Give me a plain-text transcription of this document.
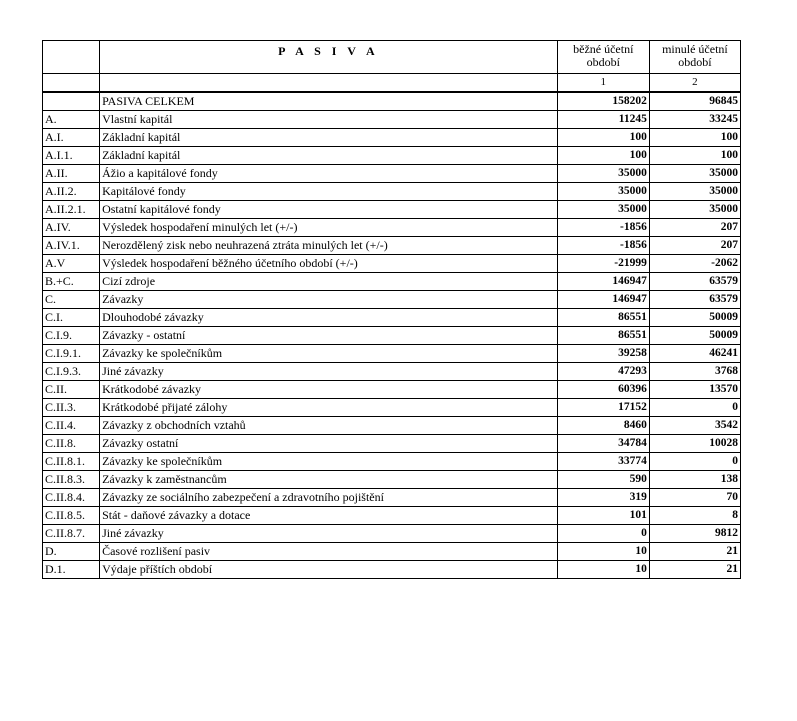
	P A S I V A	běžné účetní období	minulé účetní období
		1	2
	PASIVA CELKEM	158202	96845
A.	Vlastní kapitál	11245	33245
A.I.	Základní kapitál	100	100
A.I.1.	Základní kapitál	100	100
A.II.	Ážio a kapitálové fondy	35000	35000
A.II.2.	Kapitálové fondy	35000	35000
A.II.2.1.	Ostatní kapitálové fondy	35000	35000
A.IV.	Výsledek hospodaření minulých let (+/-)	-1856	207
A.IV.1.	Nerozdělený zisk nebo neuhrazená ztráta minulých let (+/-)	-1856	207
A.V	Výsledek hospodaření běžného účetního období (+/-)	-21999	-2062
B.+C.	Cizí zdroje	146947	63579
C.	Závazky	146947	63579
C.I.	Dlouhodobé závazky	86551	50009
C.I.9.	Závazky - ostatní	86551	50009
C.I.9.1.	Závazky ke společníkům	39258	46241
C.I.9.3.	Jiné závazky	47293	3768
C.II.	Krátkodobé závazky	60396	13570
C.II.3.	Krátkodobé přijaté zálohy	17152	0
C.II.4.	Závazky z obchodních vztahů	8460	3542
C.II.8.	Závazky ostatní	34784	10028
C.II.8.1.	Závazky ke společníkům	33774	0
C.II.8.3.	Závazky k zaměstnancům	590	138
C.II.8.4.	Závazky ze sociálního zabezpečení a zdravotního pojištění	319	70
C.II.8.5.	Stát - daňové závazky a dotace	101	8
C.II.8.7.	Jiné závazky	0	9812
D.	Časové rozlišení pasiv	10	21
D.1.	Výdaje příštích období	10	21
